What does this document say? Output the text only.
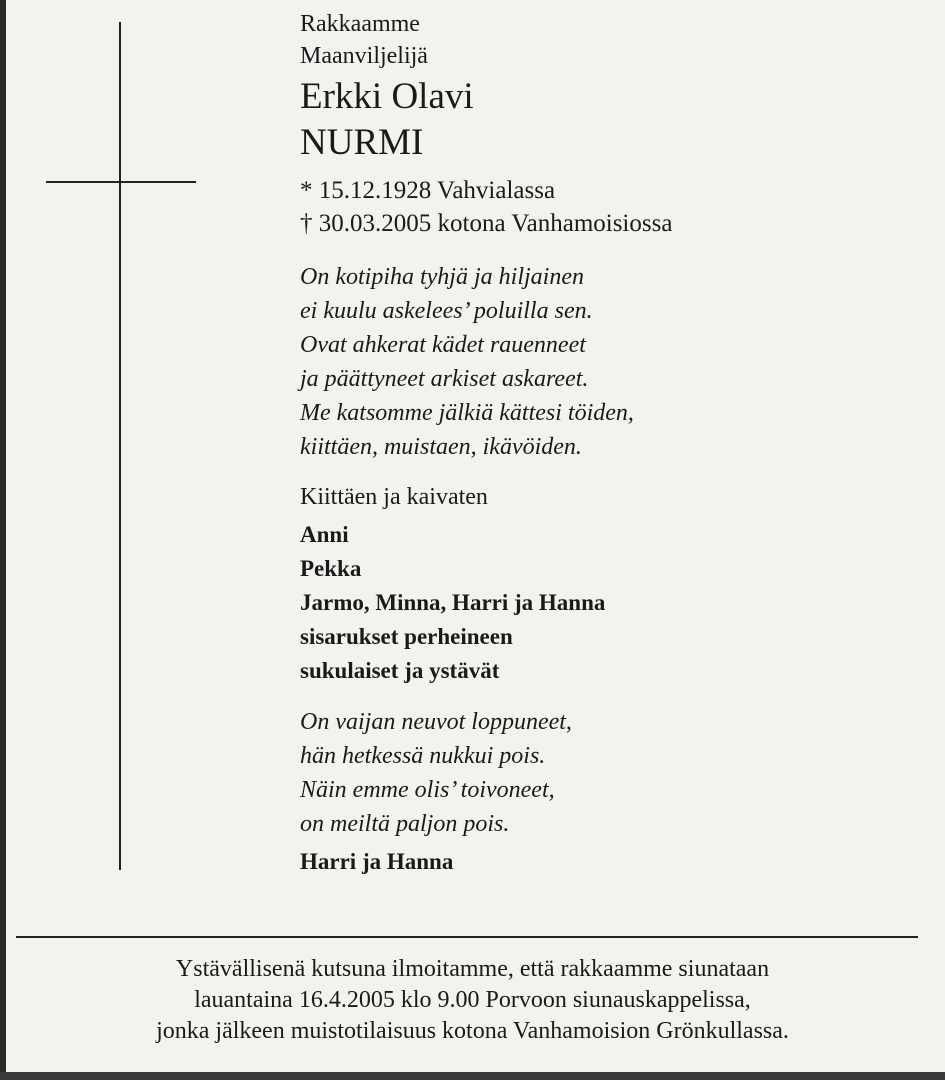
Rakkaamme
Maanviljelijä
Erkki Olavi
NURMI
* 15.12.1928 Vahvialassa
† 30.03.2005 kotona Vanhamoisiossa
On kotipiha tyhjä ja hiljainen
ei kuulu askelees’ poluilla sen.
Ovat ahkerat kädet rauenneet
ja päättyneet arkiset askareet.
Me katsomme jälkiä kättesi töiden,
kiittäen, muistaen, ikävöiden.
Kiittäen ja kaivaten
Anni
Pekka
Jarmo, Minna, Harri ja Hanna
sisarukset perheineen
sukulaiset ja ystävät
On vaijan neuvot loppuneet,
hän hetkessä nukkui pois.
Näin emme olis’ toivoneet,
on meiltä paljon pois.
Harri ja Hanna
Ystävällisenä kutsuna ilmoitamme, että rakkaamme siunataan
lauantaina 16.4.2005 klo 9.00 Porvoon siunauskappelissa,
jonka jälkeen muistotilaisuus kotona Vanhamoision Grönkullassa.
